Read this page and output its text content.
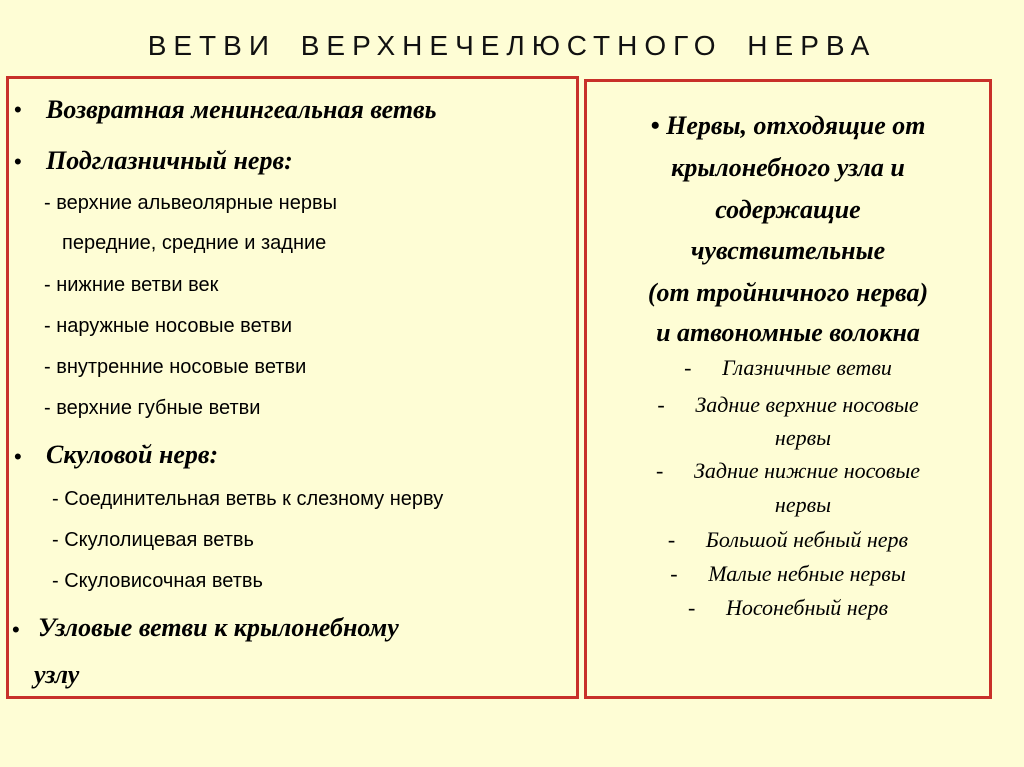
ВЕТВИ ВЕРХНЕЧЕЛЮСТНОГО НЕРВА
• Возвратная менингеальная ветвь
• Подглазничный нерв:
- верхние альвеолярные нервы
передние, средние и задние
- нижние ветви век
- наружные носовые ветви
- внутренние носовые ветви
- верхние губные ветви
• Скуловой нерв:
- Соединительная ветвь к слезному нерву
- Скулолицевая ветвь
- Скуловисочная ветвь
• Узловые ветви к крылонебному
узлу
• Нервы, отходящие от
крылонебного узла и
содержащие
чувствительные
(от тройничного нерва)
и атвономные волокна
- Глазничные ветви
- Задние верхние носовые
нервы
- Задние нижние носовые
нервы
- Большой небный нерв
- Малые небные нервы
- Носонебный нерв
